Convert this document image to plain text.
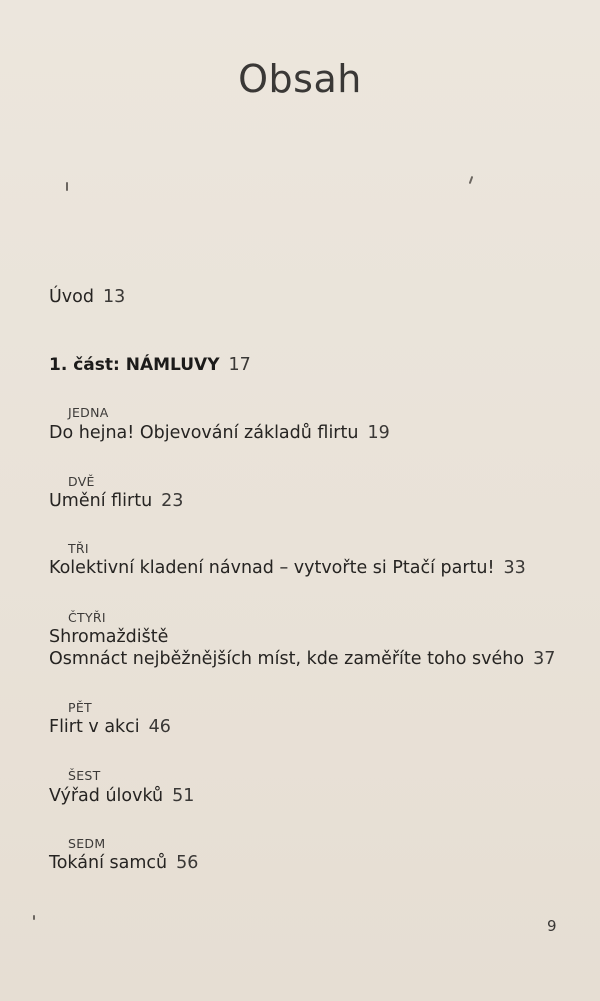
Obsah
Úvod 13
1. část: NÁMLUVY 17
JEDNA
Do hejna! Objevování základů flirtu 19
DVĚ
Umění flirtu 23
TŘI
Kolektivní kladení návnad – vytvořte si Ptačí partu! 33
ČTYŘI
Shromaždiště
Osmnáct nejběžnějších míst, kde zaměříte toho svého 37
PĚT
Flirt v akci 46
ŠEST
Výřad úlovků 51
SEDM
Tokání samců 56
9
